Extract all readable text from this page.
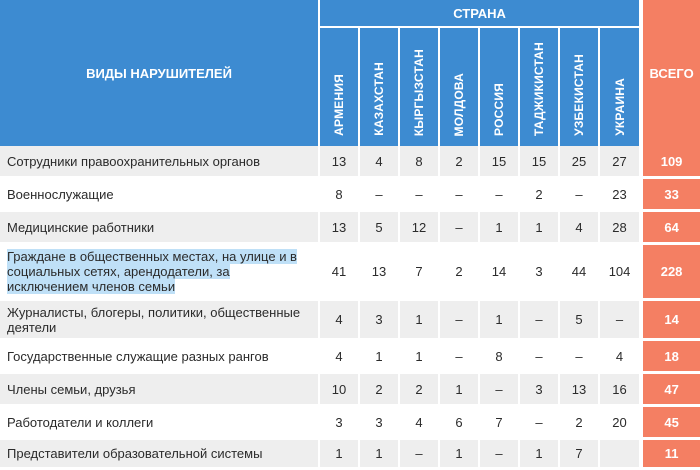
ВИДЫ НАРУШИТЕЛЕЙ	СТРАНА								ВСЕГО

	АРМЕНИЯ	КАЗАХСТАН	КЫРГЫЗСТАН	МОЛДОВА	РОССИЯ	ТАДЖИКИСТАН	УЗБЕКИСТАН	УКРАИНА	

Сотрудники правоохранительных органов	13	4	8	2	15	15	25	27	109
Военнослужащие	8	–	–	–	–	2	–	23	33
Медицинские работники	13	5	12	–	1	1	4	28	64
Граждане в общественных местах, на улице и в социальных сетях, арендодатели, за исключением членов семьи	41	13	7	2	14	3	44	104	228
Журналисты, блогеры, политики, общественные деятели	4	3	1	–	1	–	5	–	14
Государственные служащие разных рангов	4	1	1	–	8	–	–	4	18
Члены семьи, друзья	10	2	2	1	–	3	13	16	47
Работодатели и коллеги	3	3	4	6	7	–	2	20	45
Представители образовательной системы	1	1	–	1	–	1	7		11
